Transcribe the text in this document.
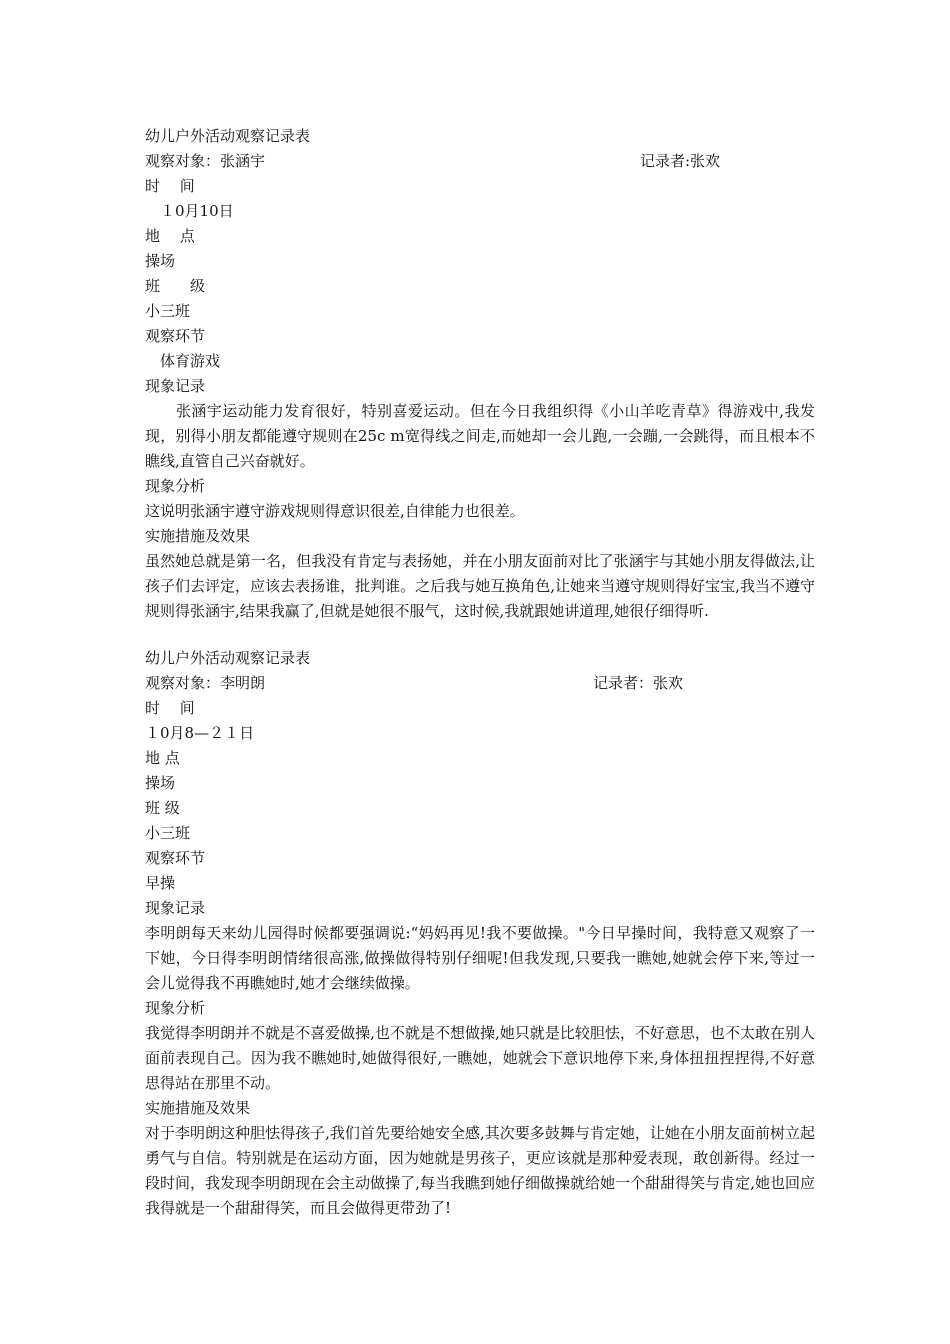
幼儿户外活动观察记录表
观察对象：张涵宇	记录者:张欢
时　 间
　１0月10日
地　 点
操场
班　　级
小三班
观察环节
　体育游戏
现象记录
　　张涵宇运动能力发育很好，特别喜爱运动。但在今日我组织得《小山羊吃青草》得游戏中,我发现，别得小朋友都能遵守规则在25c m宽得线之间走,而她却一会儿跑,一会蹦,一会跳得，而且根本不瞧线,直管自己兴奋就好。
现象分析
这说明张涵宇遵守游戏规则得意识很差,自律能力也很差。
实施措施及效果
虽然她总就是第一名，但我没有肯定与表扬她，并在小朋友面前对比了张涵宇与其她小朋友得做法,让孩子们去评定，应该去表扬谁，批判谁。之后我与她互换角色,让她来当遵守规则得好宝宝,我当不遵守规则得张涵宇,结果我赢了,但就是她很不服气，这时候,我就跟她讲道理,她很仔细得听.
幼儿户外活动观察记录表
观察对象：李明朗	记录者：张欢
时　 间
１0月8—２１日
地 点
操场
班 级
小三班
观察环节
早操
现象记录
李明朗每天来幼儿园得时候都要强调说:“妈妈再见!我不要做操。"今日早操时间，我特意又观察了一下她，今日得李明朗情绪很高涨,做操做得特别仔细呢!但我发现,只要我一瞧她,她就会停下来,等过一会儿觉得我不再瞧她时,她才会继续做操。
现象分析
我觉得李明朗并不就是不喜爱做操,也不就是不想做操,她只就是比较胆怯，不好意思，也不太敢在别人面前表现自己。因为我不瞧她时,她做得很好,一瞧她，她就会下意识地停下来,身体扭扭捏捏得,不好意思得站在那里不动。
实施措施及效果
对于李明朗这种胆怯得孩子,我们首先要给她安全感,其次要多鼓舞与肯定她，让她在小朋友面前树立起勇气与自信。特别就是在运动方面，因为她就是男孩子，更应该就是那种爱表现，敢创新得。经过一段时间，我发现李明朗现在会主动做操了,每当我瞧到她仔细做操就给她一个甜甜得笑与肯定,她也回应我得就是一个甜甜得笑，而且会做得更带劲了!
